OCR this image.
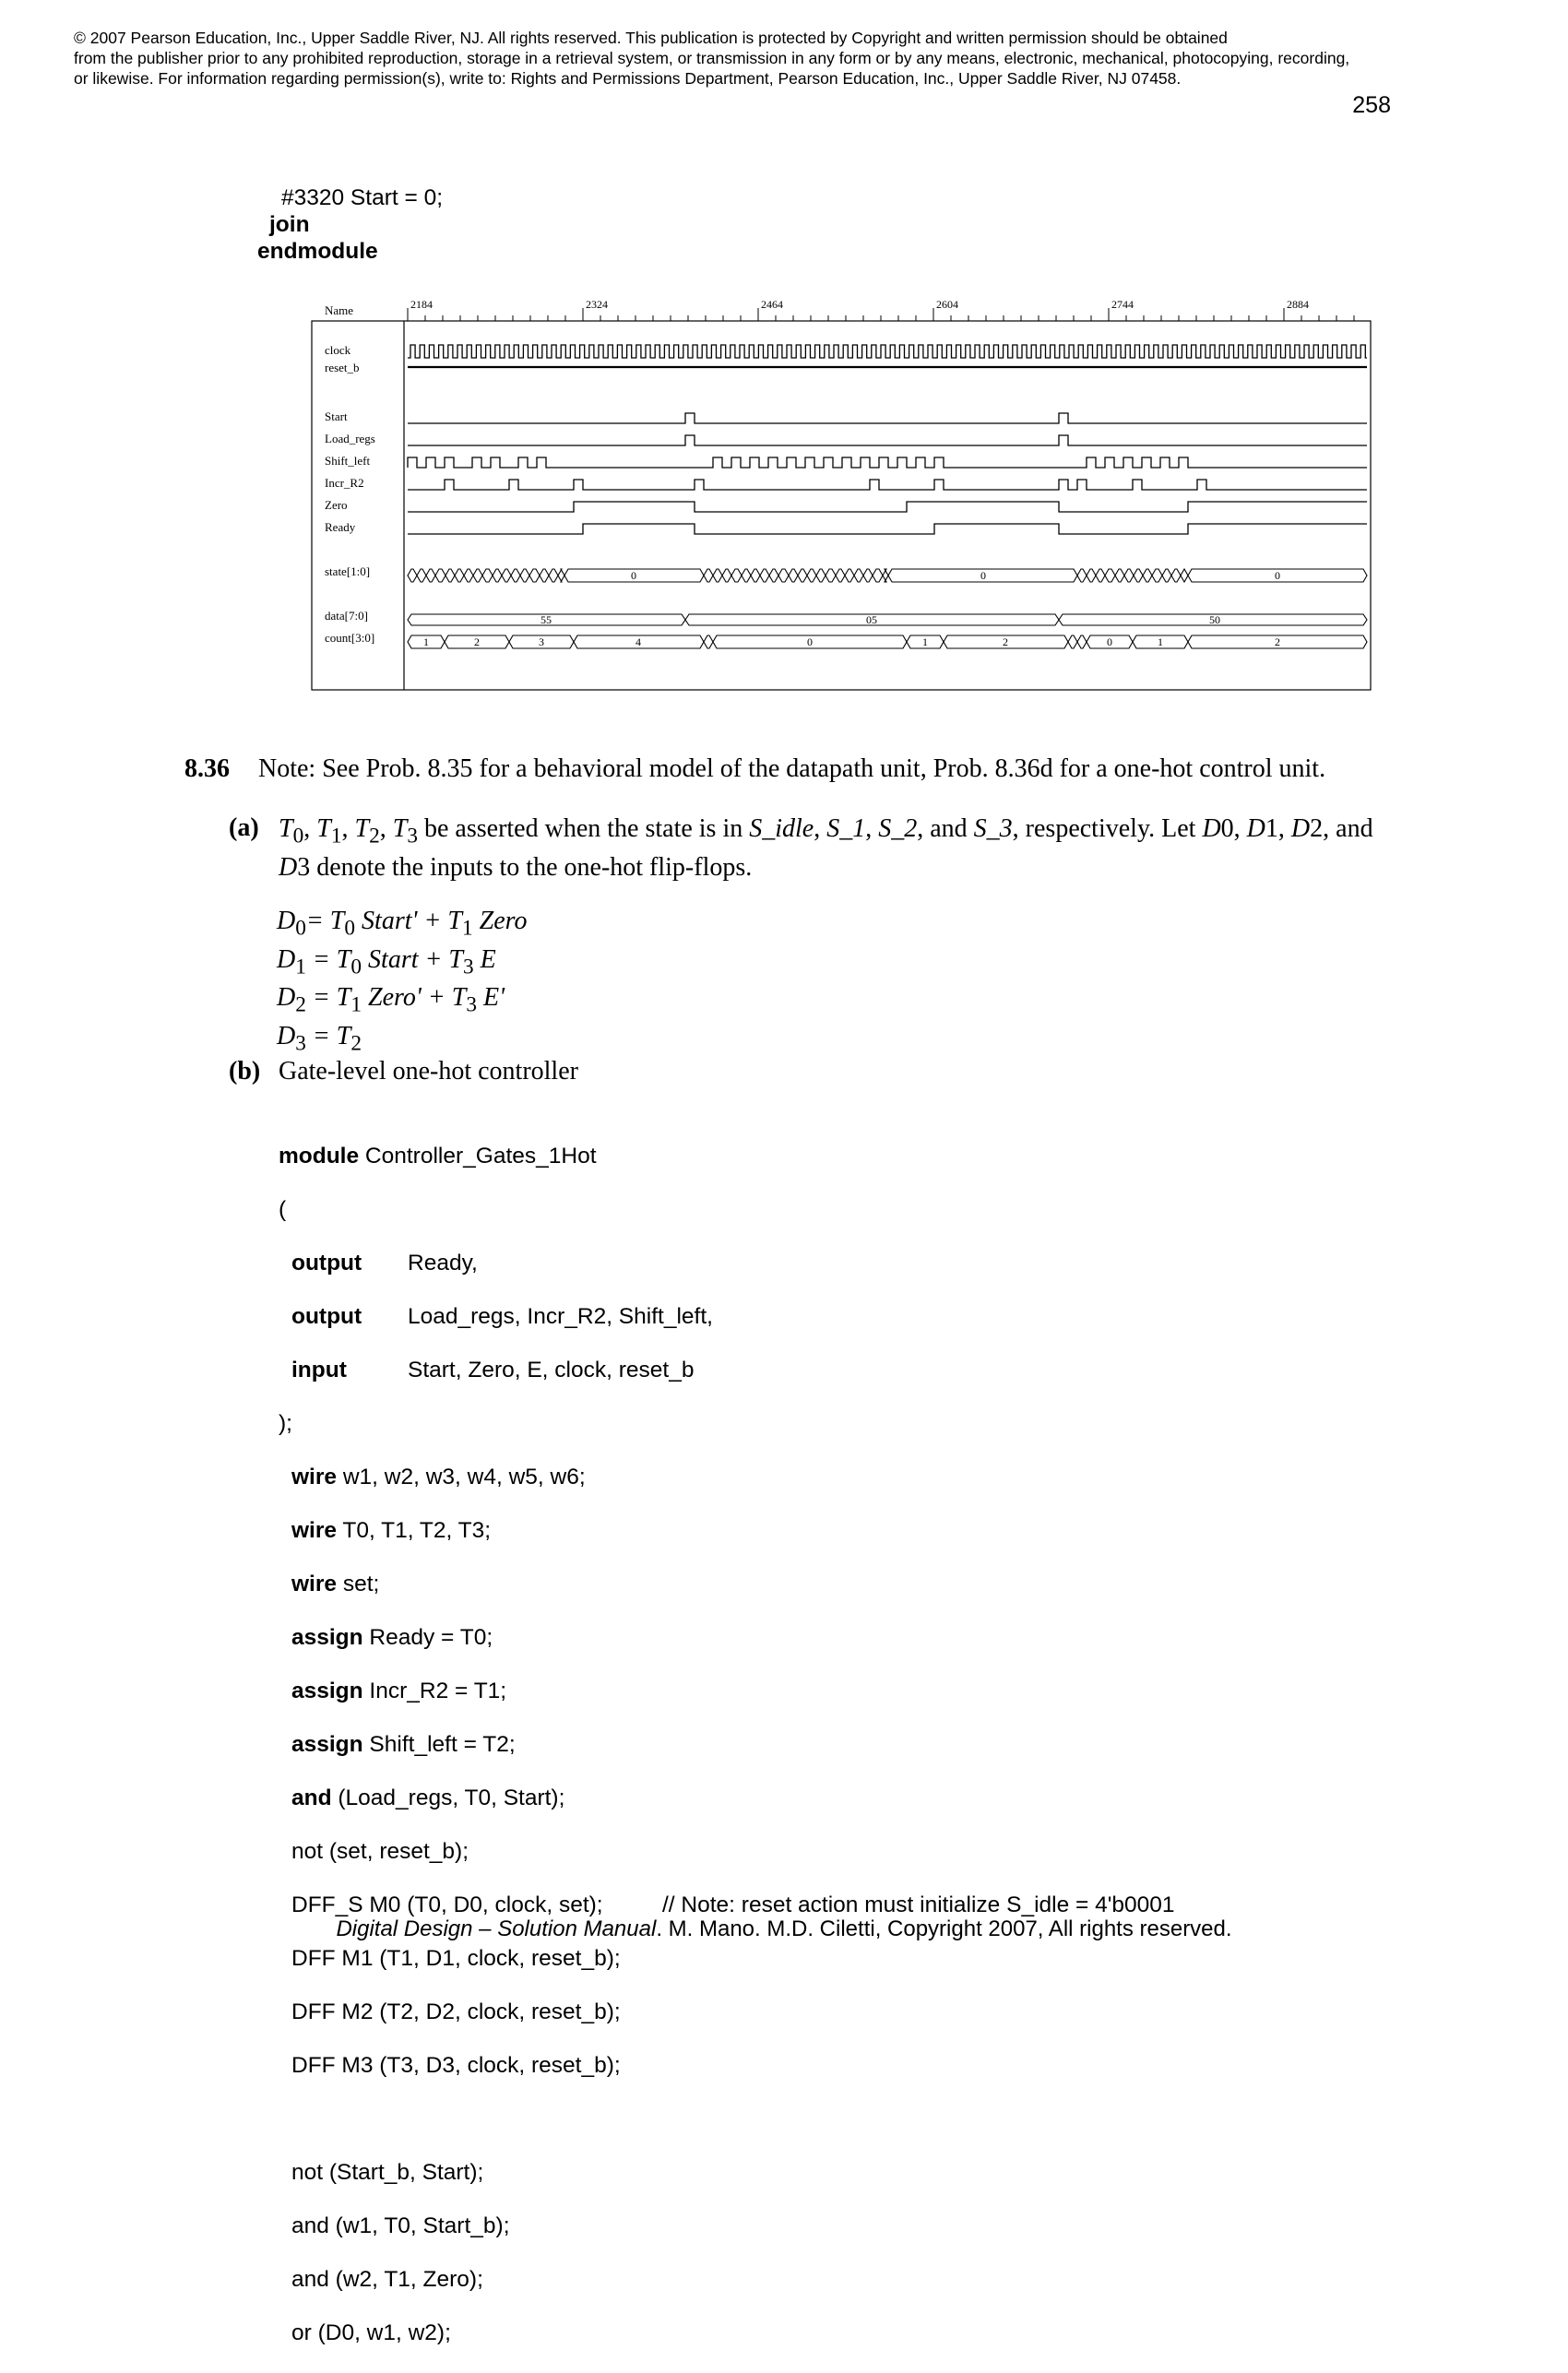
© 2007 Pearson Education, Inc., Upper Saddle River, NJ. All rights reserved. This publication is protected by Copyright and written permission should be obtained
from the publisher prior to any prohibited reproduction, storage in a retrieval system, or transmission in any form or by any means, electronic, mechanical, photocopying, recording,
or likewise. For information regarding permission(s), write to: Rights and Permissions Department, Pearson Education, Inc., Upper Saddle River, NJ 07458.
258

#3320 Start = 0;

join

endmodule

Name	2184	2324	2464	2604	2744	2884
clock
reset_b
Start
Load_regs
Shift_left
Incr_R2
Zero
Ready
state[1:0]
data[7:0]
count[3:0]
0	0	0
55	05	50
1	2	3	4	0	1	2	0	1	2
8.36 Note: See Prob. 8.35 for a behavioral model of the datapath unit, Prob. 8.36d for a one-hot control unit.
(a) $T_0$, $T_1$, $T_2$, $T_3$ be asserted when the state is in S_idle, S_1, S_2, and S_3, respectively. Let D0, D1, D2, and D3 denote the inputs to the one-hot flip-flops.
$D_0= T_0$ Start' + $T_1$ Zero
$D_1 = T_0$ Start + $T_3$ E
$D_2 = T_1$ Zero' + $T_3$ E'
$D_3 = T_2$
(b) Gate-level one-hot controller

module Controller_Gates_1Hot

(

output Ready,

output Load_regs, Incr_R2, Shift_left,

input	Start, Zero, E, clock, reset_b

);

wire w1, w2, w3, w4, w5, w6;

wire T0, T1, T2, T3;

wire set;

assign Ready = T0;

assign Incr_R2 = T1;

assign Shift_left = T2;

and (Load_regs, T0, Start);

not (set, reset_b);

DFF_S M0 (T0, D0, clock, set);	// Note: reset action must initialize S_idle = 4'b0001

DFF M1 (T1, D1, clock, reset_b);

DFF M2 (T2, D2, clock, reset_b);

DFF M3 (T3, D3, clock, reset_b);

not (Start_b, Start);

and (w1, T0, Start_b);

and (w2, T1, Zero);

or (D0, w1, w2);

Digital Design – Solution Manual. M. Mano. M.D. Ciletti, Copyright 2007, All rights reserved.
